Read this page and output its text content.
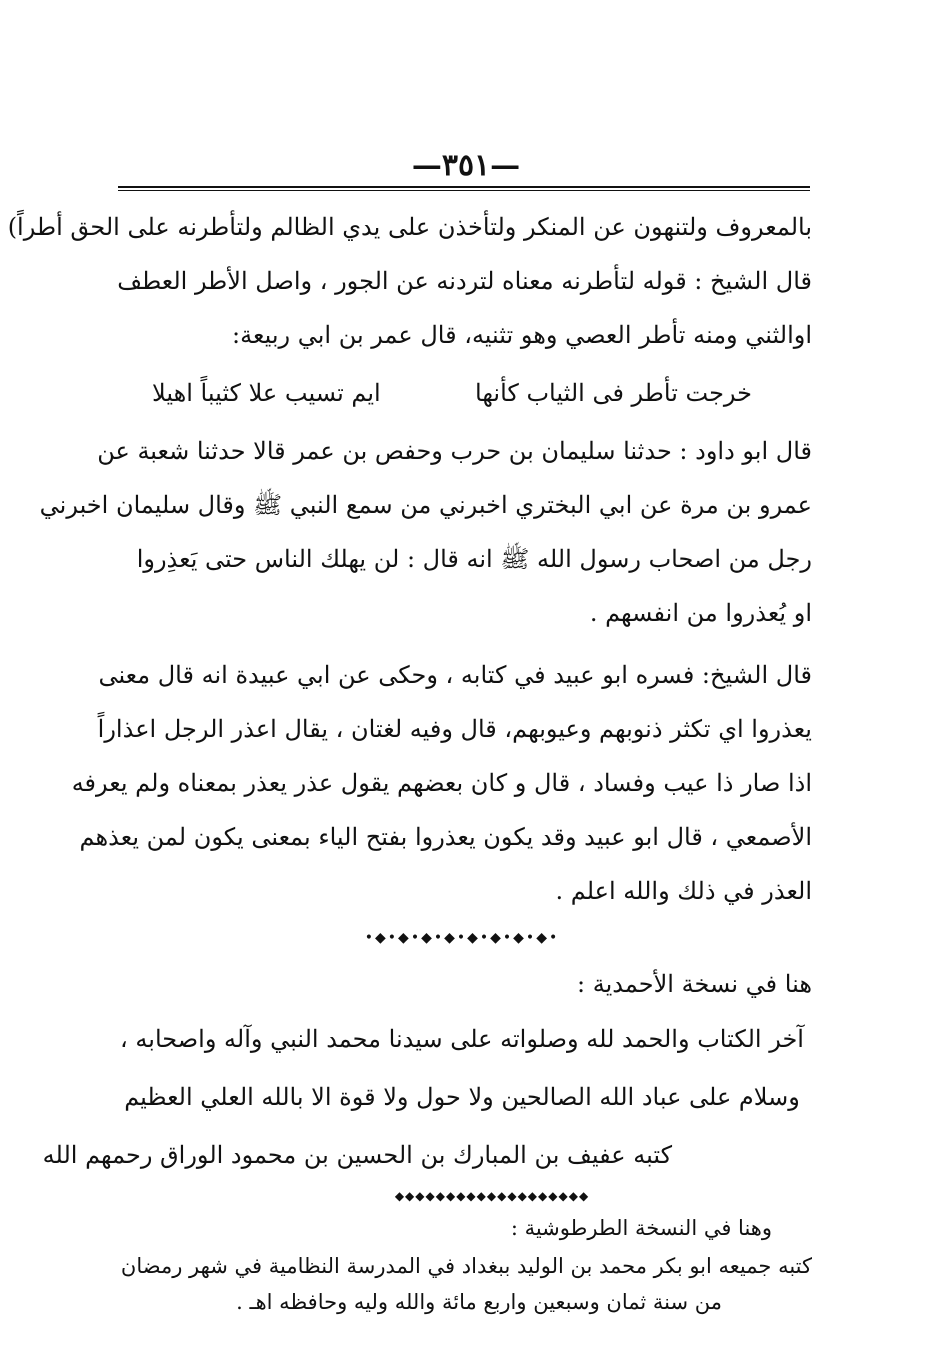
—٣٥١—
بالمعروف ولتنهون عن المنكر ولتأخذن على يدي الظالم ولتأطرنه على الحق أطراً)
قال الشيخ : قوله لتأطرنه معناه لتردنه عن الجور ، واصل الأطر العطف
اوالثني ومنه تأطر العصي وهو تثنيه، قال عمر بن ابي ربيعة:
خرجت تأطر فى الثياب كأنها
ايم تسيب علا كثيباً اهيلا
قال ابو داود : حدثنا سليمان بن حرب وحفص بن عمر قالا حدثنا شعبة عن
عمرو بن مرة عن ابي البختري اخبرني من سمع النبي ﷺ وقال سليمان اخبرني
رجل من اصحاب رسول الله ﷺ انه قال : لن يهلك الناس حتى يَعذِروا
او يُعذروا من انفسهم .
قال الشيخ: فسره ابو عبيد في كتابه ، وحكى عن ابي عبيدة انه قال معنى
يعذروا اي تكثر ذنوبهم وعيوبهم، قال وفيه لغتان ، يقال اعذر الرجل اعذاراً
اذا صار ذا عيب وفساد ، قال و كان بعضهم يقول عذر يعذر بمعناه ولم يعرفه
الأصمعي ، قال ابو عبيد وقد يكون يعذروا بفتح الياء بمعنى يكون لمن يعذهم
العذر في ذلك والله اعلم .
•◆•◆•◆•◆•◆•◆•◆•◆•
هنا في نسخة الأحمدية :
آخر الكتاب والحمد لله وصلواته على سيدنا محمد النبي وآله واصحابه ،
وسلام على عباد الله الصالحين ولا حول ولا قوة الا بالله العلي العظيم
كتبه عفيف بن المبارك بن الحسين بن محمود الوراق رحمهم الله
◆◆◆◆◆◆◆◆◆◆◆◆◆◆◆◆◆◆◆
وهنا في النسخة الطرطوشية :
كتبه جميعه ابو بكر محمد بن الوليد ببغداد في المدرسة النظامية في شهر رمضان
من سنة ثمان وسبعين واربع مائة والله وليه وحافظه اهـ .
